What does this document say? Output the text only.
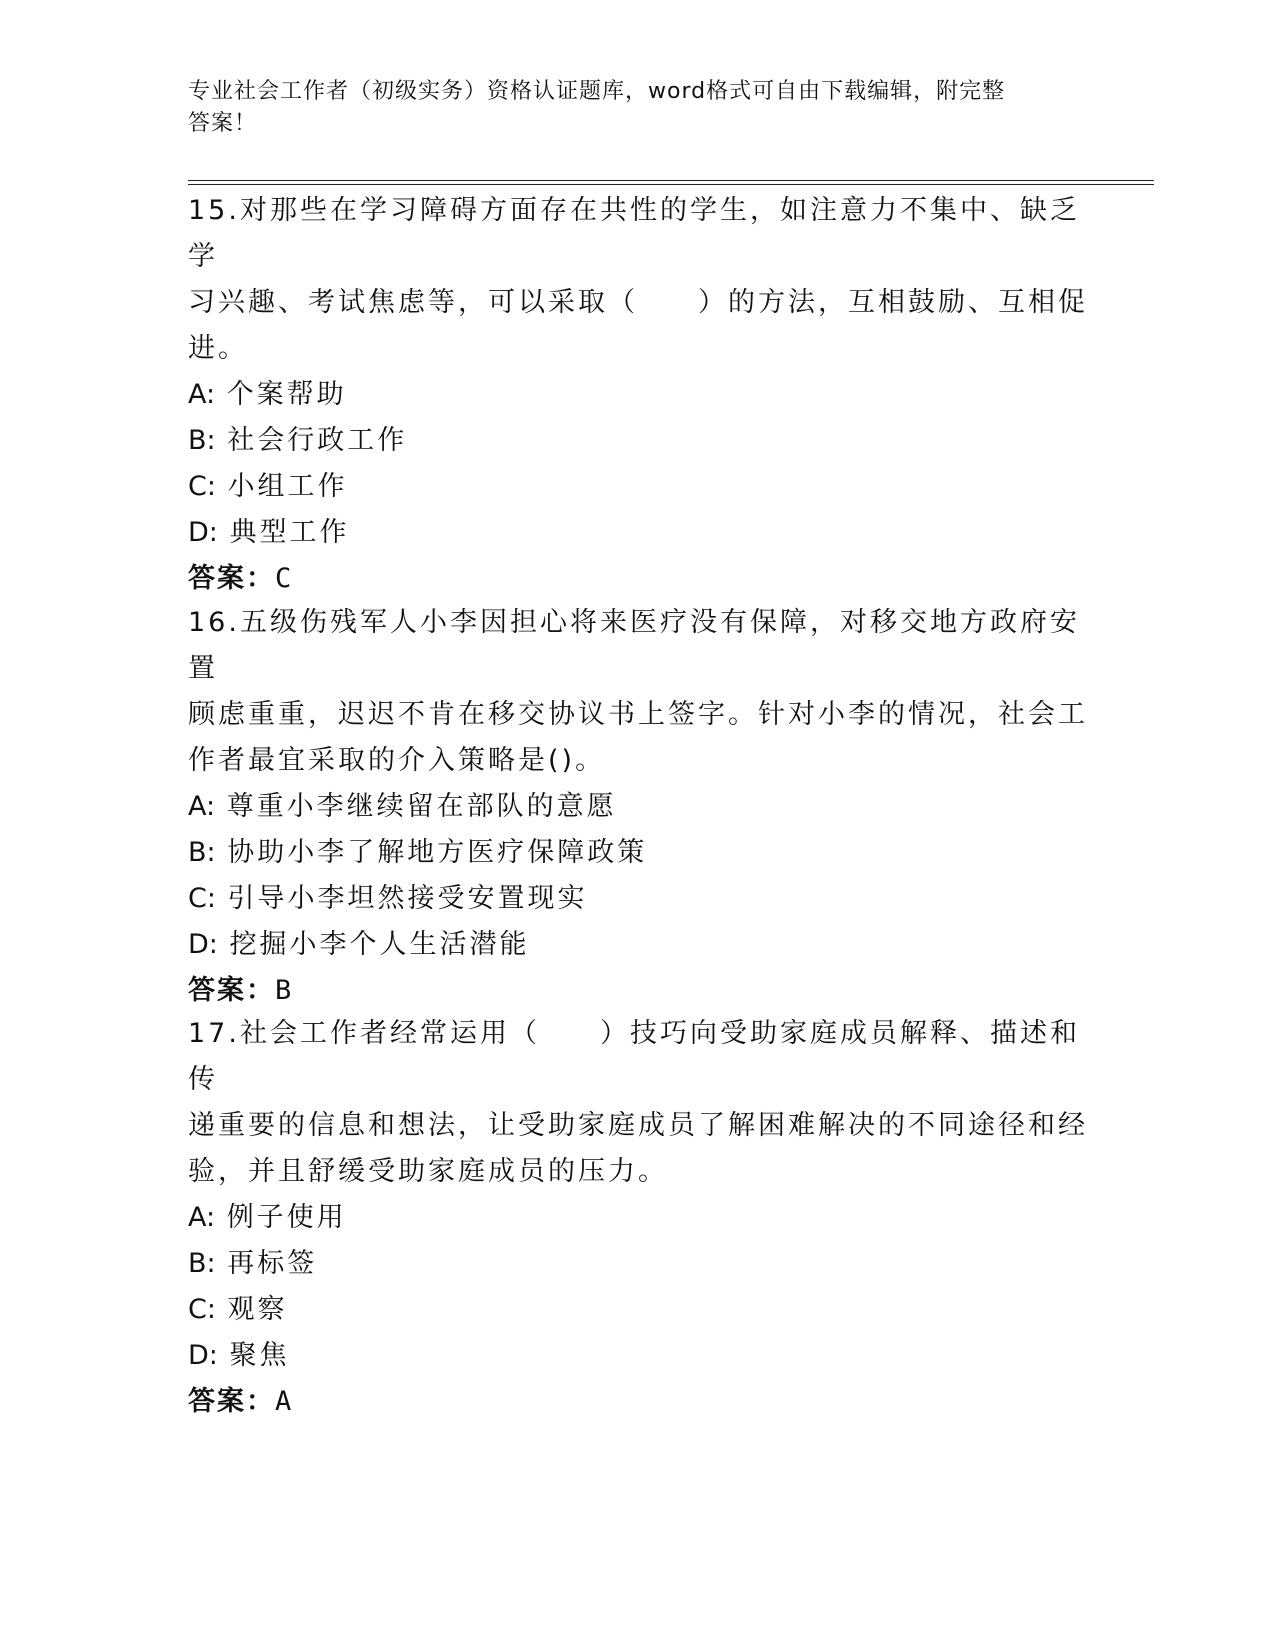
专业社会工作者（初级实务）资格认证题库，word格式可自由下载编辑，附完整
答案！

15.对那些在学习障碍方面存在共性的学生，如注意力不集中、缺乏学

习兴趣、考试焦虑等，可以采取（　　）的方法，互相鼓励、互相促

进。

A: 个案帮助

B: 社会行政工作

C: 小组工作

D: 典型工作

答案：C

16.五级伤残军人小李因担心将来医疗没有保障，对移交地方政府安置

顾虑重重，迟迟不肯在移交协议书上签字。针对小李的情况，社会工

作者最宜采取的介入策略是()。

A: 尊重小李继续留在部队的意愿

B: 协助小李了解地方医疗保障政策

C: 引导小李坦然接受安置现实

D: 挖掘小李个人生活潜能

答案：B

17.社会工作者经常运用（　　）技巧向受助家庭成员解释、描述和传

递重要的信息和想法，让受助家庭成员了解困难解决的不同途径和经

验，并且舒缓受助家庭成员的压力。

A: 例子使用

B: 再标签

C: 观察

D: 聚焦

答案：A
